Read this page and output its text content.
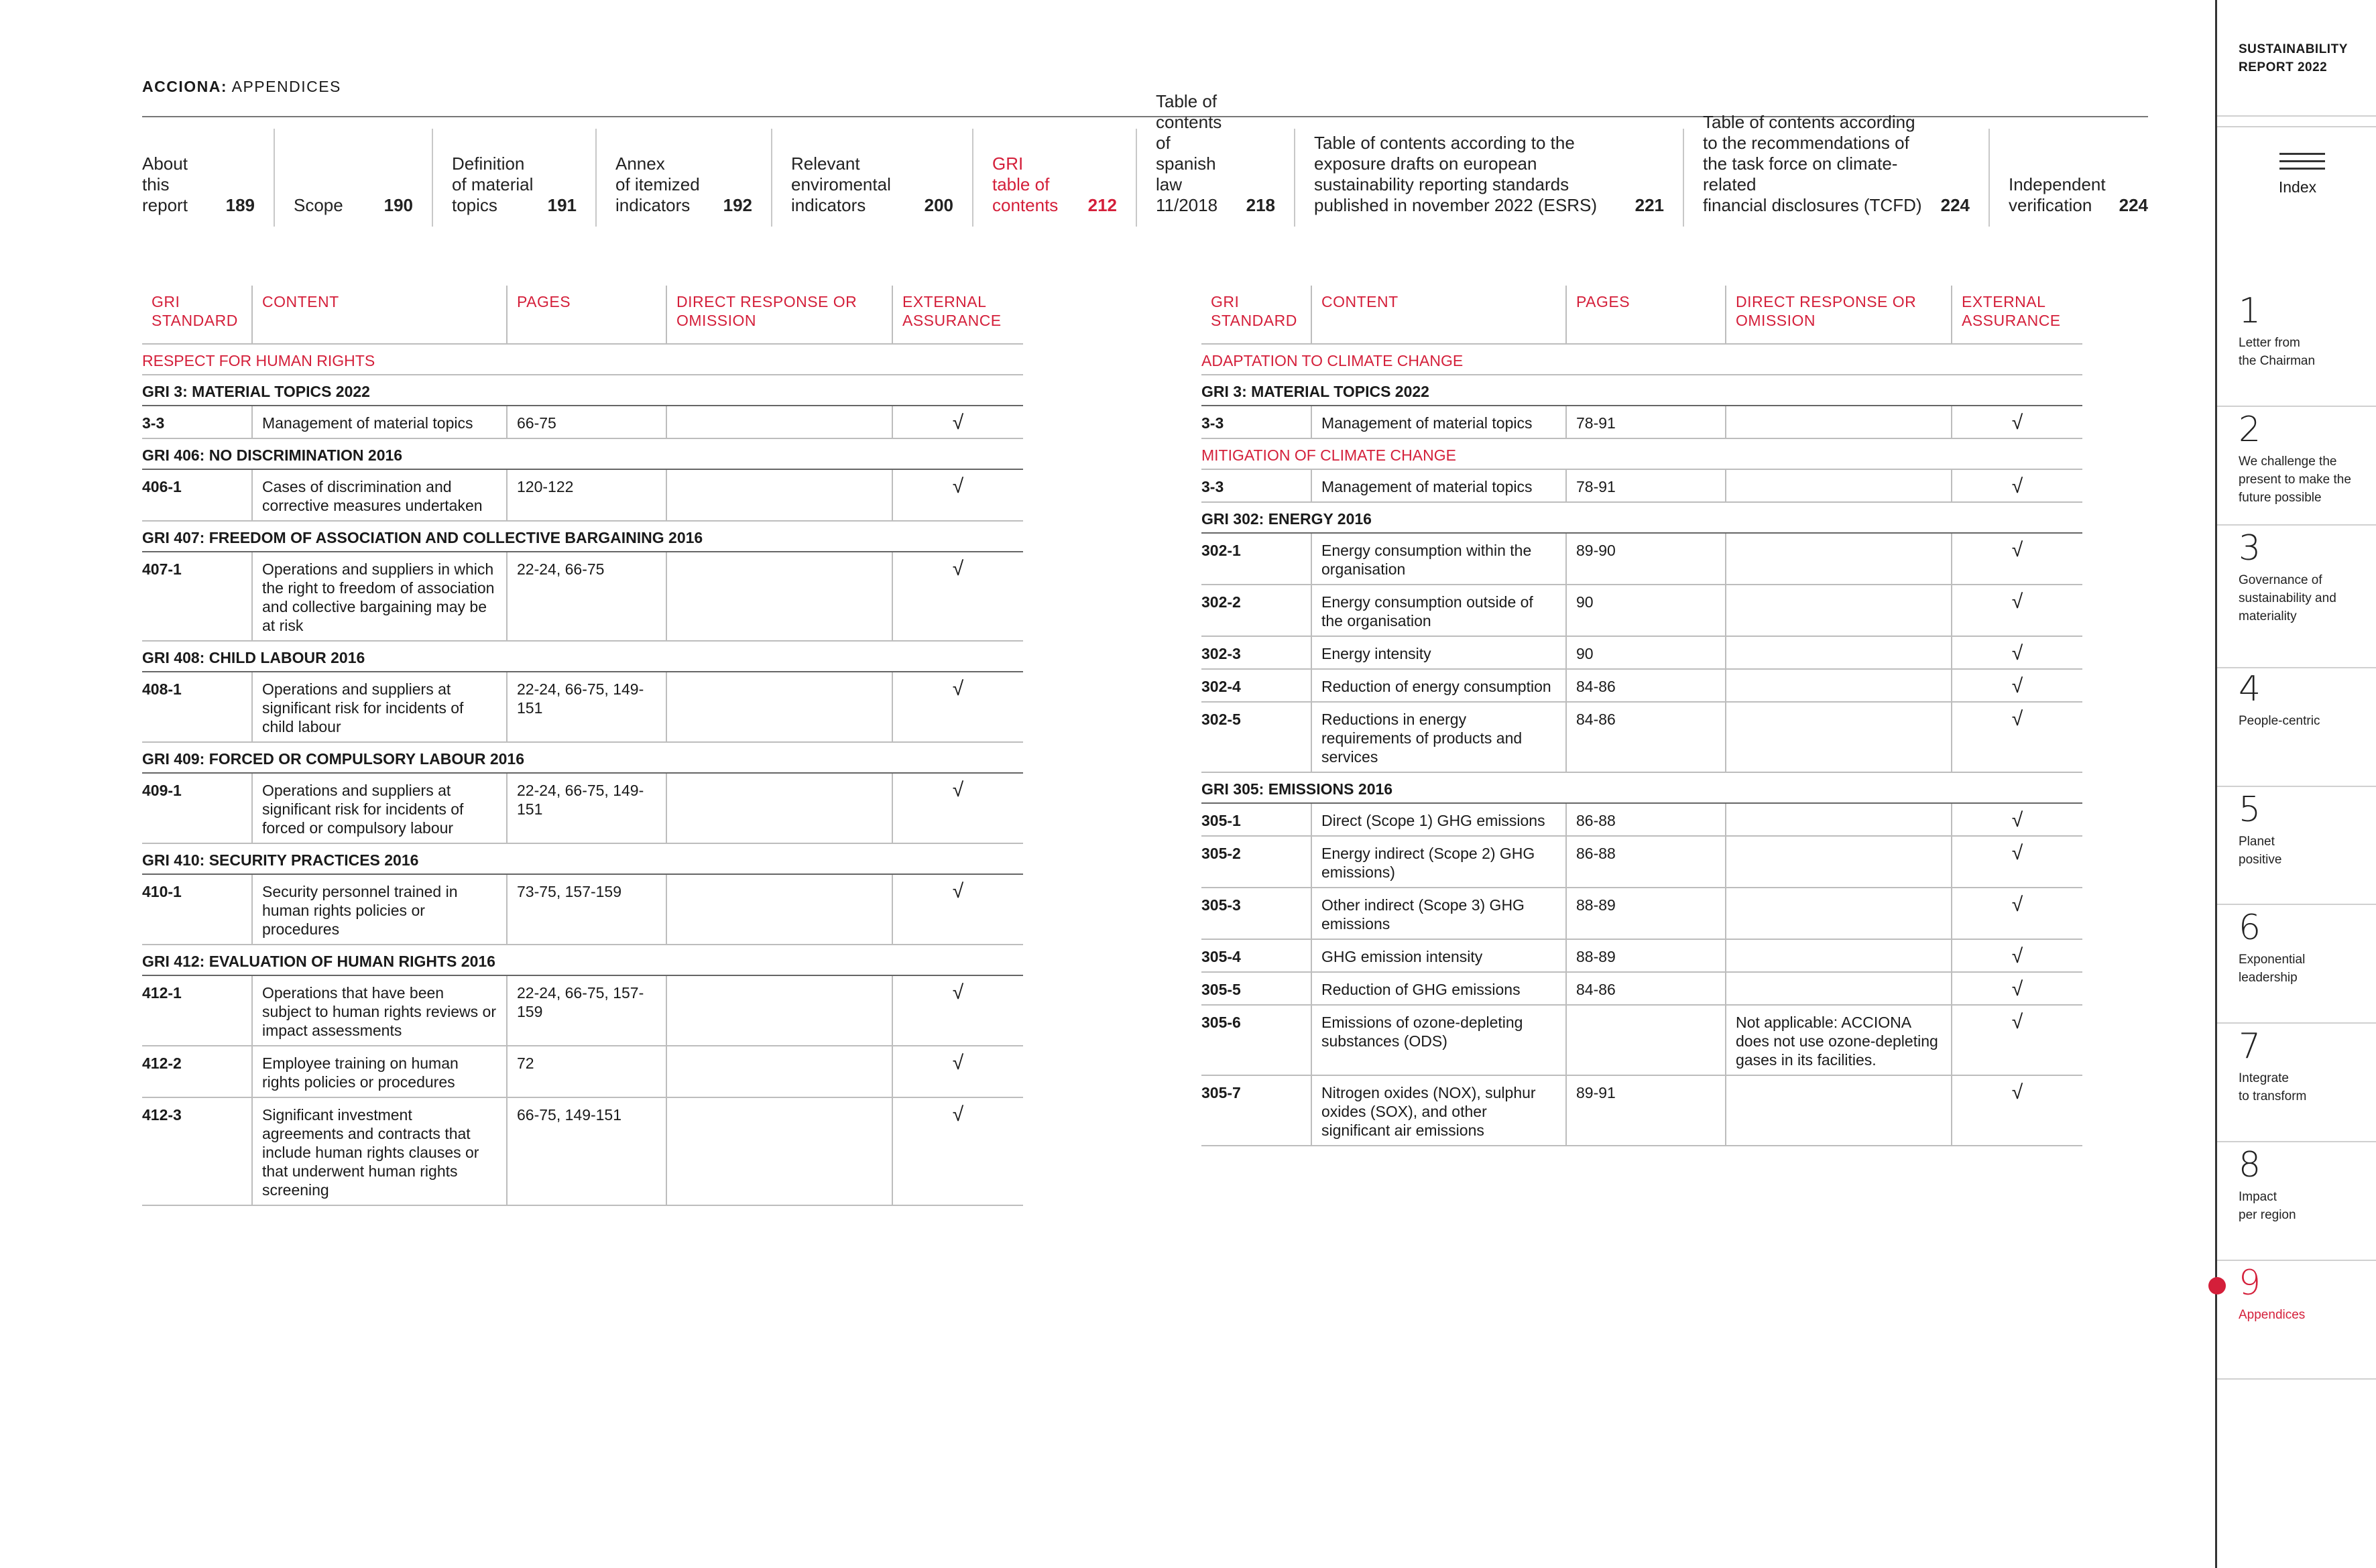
ACCIONA: APPENDICES
About
this
report	189 Scope	190
Definition
of material
topics	191
Annex
of itemized
indicators	192
Relevant
enviromental
indicators	200
GRI
table of
contents	212
Table of
contents of
spanish law
11/2018	218
Table of contents according to the
exposure drafts on european
sustainability reporting standards
published in november 2022 (ESRS)	221
Table of contents according
to the recommendations of
the task force on climate-related
financial disclosures (TCFD)	224
Independent
verification	224
GRI STANDARD	CONTENT	PAGES	DIRECT RESPONSE OR OMISSION	EXTERNAL ASSURANCE
RESPECT FOR HUMAN RIGHTS				
GRI 3: MATERIAL TOPICS 2022				
3-3	Management of material topics	66-75		√
GRI 406: NO DISCRIMINATION 2016				
406-1	Cases of discrimination and corrective measures undertaken	120-122		√
GRI 407: FREEDOM OF ASSOCIATION AND COLLECTIVE BARGAINING 2016				
407-1	Operations and suppliers in which the right to freedom of association and collective bargaining may be at risk	22-24, 66-75		√
GRI 408: CHILD LABOUR 2016				
408-1	Operations and suppliers at significant risk for incidents of child labour	22-24, 66-75, 149-151		√
GRI 409: FORCED OR COMPULSORY LABOUR 2016				
409-1	Operations and suppliers at significant risk for incidents of forced or compulsory labour	22-24, 66-75, 149-151		√
GRI 410: SECURITY PRACTICES 2016				
410-1	Security personnel trained in human rights policies or procedures	73-75, 157-159		√
GRI 412: EVALUATION OF HUMAN RIGHTS 2016				
412-1	Operations that have been subject to human rights reviews or impact assessments	22-24, 66-75, 157-159		√
412-2	Employee training on human rights policies or procedures	72		√
412-3	Significant investment agreements and contracts that include human rights clauses or that underwent human rights screening	66-75, 149-151		√
GRI STANDARD	CONTENT	PAGES	DIRECT RESPONSE OR OMISSION	EXTERNAL ASSURANCE
ADAPTATION TO CLIMATE CHANGE				
GRI 3: MATERIAL TOPICS 2022				
3-3	Management of material topics	78-91		√
MITIGATION OF CLIMATE CHANGE				
3-3	Management of material topics	78-91		√
GRI 302: ENERGY 2016				
302-1	Energy consumption within the organisation	89-90		√
302-2	Energy consumption outside of the organisation	90		√
302-3	Energy intensity	90		√
302-4	Reduction of energy consumption	84-86		√
302-5	Reductions in energy requirements of products and services	84-86		√
GRI 305: EMISSIONS 2016				
305-1	Direct (Scope 1) GHG emissions	86-88		√
305-2	Energy indirect (Scope 2) GHG emissions)	86-88		√
305-3	Other indirect (Scope 3) GHG emissions	88-89		√
305-4	GHG emission intensity	88-89		√
305-5	Reduction of GHG emissions	84-86		√
305-6	Emissions of ozone-depleting substances (ODS)		Not applicable: ACCIONA does not use ozone-depleting gases in its facilities.	√
305-7	Nitrogen oxides (NOX), sulphur oxides (SOX), and other significant air emissions	89-91		√
SUSTAINABILITY
REPORT 2022
Index
1
Letter from
the Chairman
2
We challenge the
present to make the
future possible
3
Governance of
sustainability and
materiality
4
People-centric
5
Planet
positive
6
Exponential
leadership
7
Integrate
to transform
8
Impact
per region
9
Appendices
